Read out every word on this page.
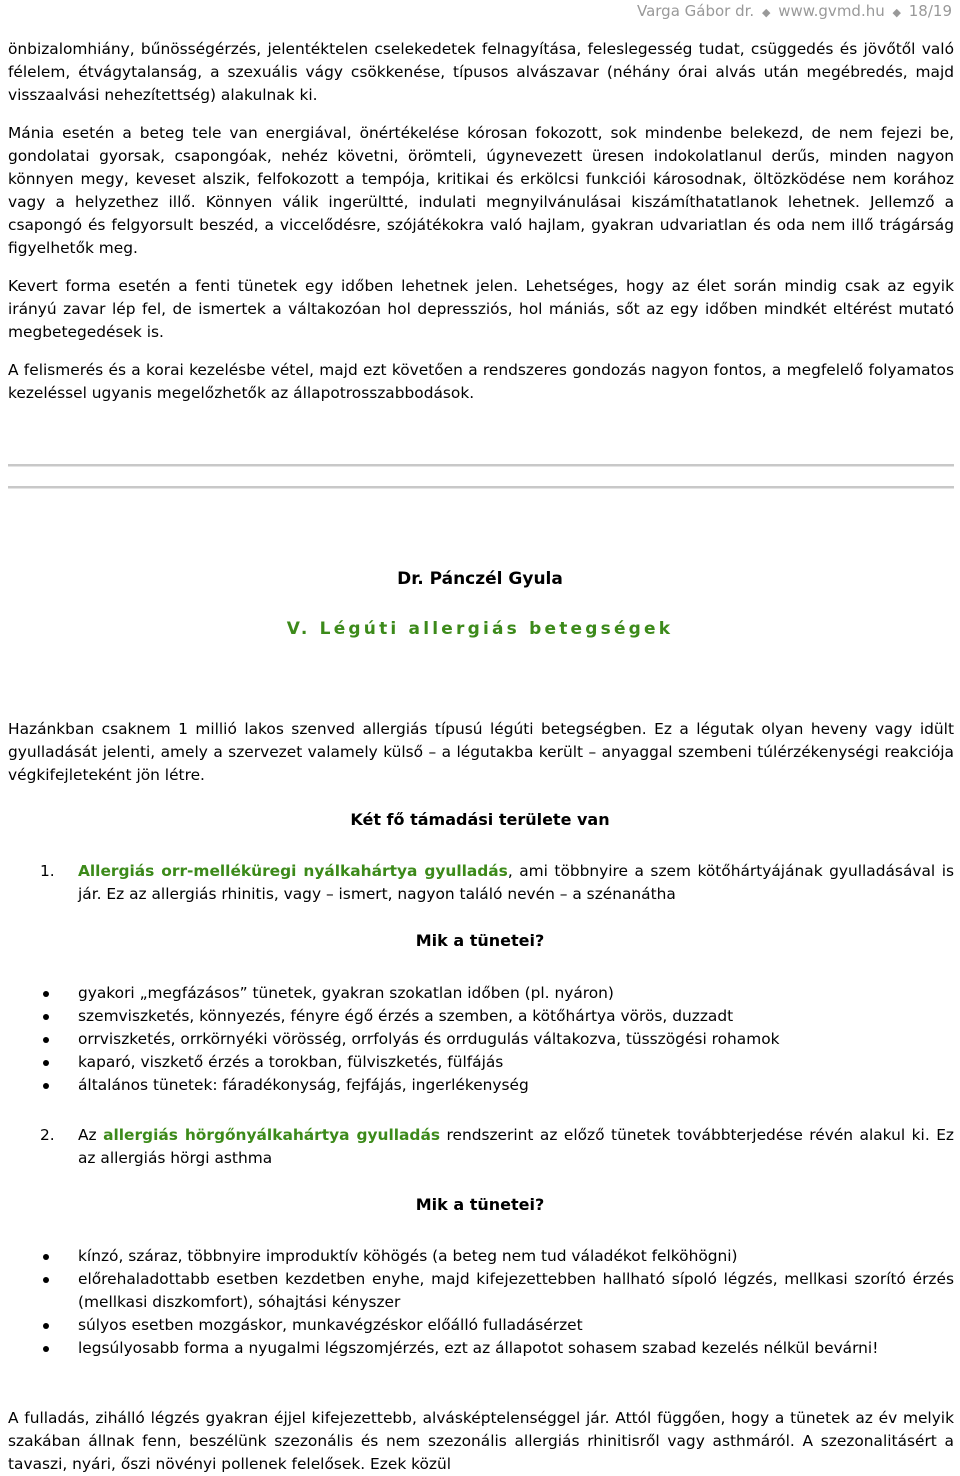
Varga Gábor dr. ◆ www.gvmd.hu ◆ 18/19

önbizalomhiány, bűnösségérzés, jelentéktelen cselekedetek felnagyítása, feleslegesség tudat, csüggedés és jövőtől való félelem, étvágytalanság, a szexuális vágy csökkenése, típusos alvászavar (néhány órai alvás után megébredés, majd visszaalvási nehezítettség) alakulnak ki.

Mánia esetén a beteg tele van energiával, önértékelése kórosan fokozott, sok mindenbe belekezd, de nem fejezi be, gondolatai gyorsak, csapongóak, nehéz követni, örömteli, úgynevezett üresen indokolatlanul derűs, minden nagyon könnyen megy, keveset alszik, felfokozott a tempója, kritikai és erkölcsi funkciói károsodnak, öltözködése nem korához vagy a helyzethez illő. Könnyen válik ingerültté, indulati megnyilvánulásai kiszámíthatatlanok lehetnek. Jellemző a csapongó és felgyorsult beszéd, a viccelődésre, szójátékokra való hajlam, gyakran udvariatlan és oda nem illő trágárság figyelhetők meg.

Kevert forma esetén a fenti tünetek egy időben lehetnek jelen. Lehetséges, hogy az élet során mindig csak az egyik irányú zavar lép fel, de ismertek a váltakozóan hol depressziós, hol mániás, sőt az egy időben mindkét eltérést mutató megbetegedések is.

A felismerés és a korai kezelésbe vétel, majd ezt követően a rendszeres gondozás nagyon fontos, a megfelelő folyamatos kezeléssel ugyanis megelőzhetők az állapotrosszabbodások.

Dr. Pánczél Gyula
V. Légúti allergiás betegségek

Hazánkban csaknem 1 millió lakos szenved allergiás típusú légúti betegségben. Ez a légutak olyan heveny vagy idült gyulladását jelenti, amely a szervezet valamely külső – a légutakba került – anyaggal szembeni túlérzékenységi reakciója végkifejleteként jön létre.

Két fő támadási területe van
1. Allergiás orr-melléküregi nyálkahártya gyulladás, ami többnyire a szem kötőhártyájának gyulladásával is jár. Ez az allergiás rhinitis, vagy – ismert, nagyon találó nevén – a szénanátha

Mik a tünetei?
gyakori „megfázásos” tünetek, gyakran szokatlan időben (pl. nyáron)
szemviszketés, könnyezés, fényre égő érzés a szemben, a kötőhártya vörös, duzzadt
orrviszketés, orrkörnyéki vörösség, orrfolyás és orrdugulás váltakozva, tüsszögési rohamok
kaparó, viszkető érzés a torokban, fülviszketés, fülfájás
általános tünetek: fáradékonyság, fejfájás, ingerlékenység
2. Az allergiás hörgőnyálkahártya gyulladás rendszerint az előző tünetek továbbterjedése révén alakul ki. Ez az allergiás hörgi asthma

Mik a tünetei?
kínzó, száraz, többnyire improduktív köhögés (a beteg nem tud váladékot felköhögni)
előrehaladottabb esetben kezdetben enyhe, majd kifejezettebben hallható sípoló légzés, mellkasi szorító érzés (mellkasi diszkomfort), sóhajtási kényszer
súlyos esetben mozgáskor, munkavégzéskor előálló fulladásérzet
legsúlyosabb forma a nyugalmi légszomjérzés, ezt az állapotot sohasem szabad kezelés nélkül bevárni!

A fulladás, zihálló légzés gyakran éjjel kifejezettebb, alvásképtelenséggel jár. Attól függően, hogy a tünetek az év melyik szakában állnak fenn, beszélünk szezonális és nem szezonális allergiás rhinitisről vagy asthmáról. A szezonalitásért a tavaszi, nyári, őszi növényi pollenek felelősek. Ezek közül
